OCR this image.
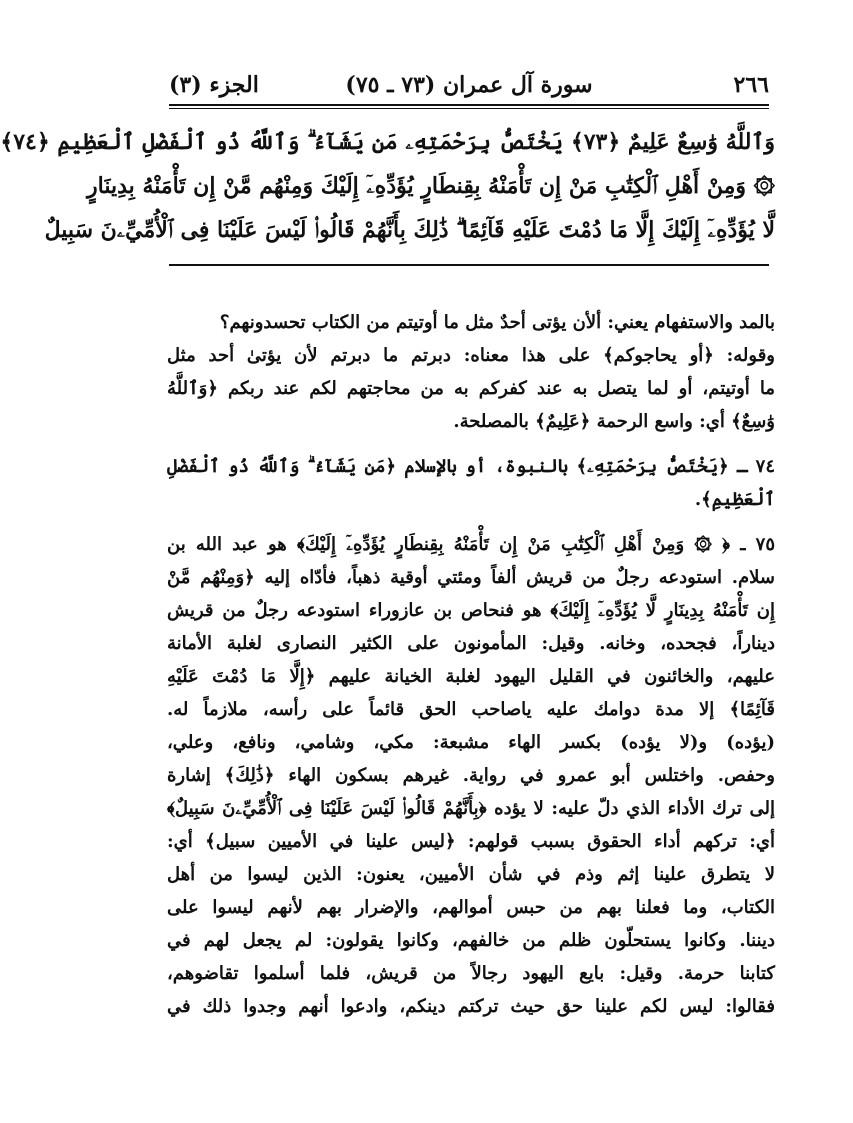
٢٦٦
سورة آل عمران (٧٣ ـ ٧٥)
الجزء (٣)
وَٱللَّهُ وَٰسِعٌ عَلِيمٌ ﴿٧٣﴾ يَخْتَصُّ بِرَحْمَتِهِۦ مَن يَشَآءُ ۗ وَٱللَّهُ ذُو ٱلْفَضْلِ ٱلْعَظِيمِ ﴿٧٤﴾
۞ وَمِنْ أَهْلِ ٱلْكِتَٰبِ مَنْ إِن تَأْمَنْهُ بِقِنطَارٍ يُؤَدِّهِۦٓ إِلَيْكَ وَمِنْهُم مَّنْ إِن تَأْمَنْهُ بِدِينَارٍ
لَّا يُؤَدِّهِۦٓ إِلَيْكَ إِلَّا مَا دُمْتَ عَلَيْهِ قَآئِمًا ۗ ذَٰلِكَ بِأَنَّهُمْ قَالُوا۟ لَيْسَ عَلَيْنَا فِى ٱلْأُمِّيِّۦنَ سَبِيلٌ
بالمد والاستفهام يعني: ألأن يؤتى أحدٌ مثل ما أوتيتم من الكتاب تحسدونهم؟
وقوله: ﴿أو يحاجوكم﴾ على هذا معناه: دبرتم ما دبرتم لأن يؤتىٰ أحد مثل
ما أوتيتم، أو لما يتصل به عند كفركم به من محاجتهم لكم عند ربكم ﴿وَٱللَّهُ
وَٰسِعٌ﴾ أي: واسع الرحمة ﴿عَلِيمٌ﴾ بالمصلحة.
٧٤ ـ ﴿يَخْتَصُّ بِرَحْمَتِهِۦ﴾ بالنبوة، أو بالإسلام ﴿مَن يَشَآءُ ۗ وَٱللَّهُ ذُو ٱلْفَضْلِ
ٱلْعَظِيمِ﴾.
٧٥ ـ ﴿ ۞ وَمِنْ أَهْلِ ٱلْكِتَٰبِ مَنْ إِن تَأْمَنْهُ بِقِنطَارٍ يُؤَدِّهِۦٓ إِلَيْكَ﴾ هو عبد الله بن
سلام. استودعه رجلٌ من قريش ألفاً ومئتي أوقية ذهباً، فأدّاه إليه ﴿وَمِنْهُم مَّنْ
إِن تَأْمَنْهُ بِدِينَارٍ لَّا يُؤَدِّهِۦٓ إِلَيْكَ﴾ هو فنحاص بن عازوراء استودعه رجلٌ من قريش
ديناراً، فجحده، وخانه. وقيل: المأمونون على الكثير النصارى لغلبة الأمانة
عليهم، والخائنون في القليل اليهود لغلبة الخيانة عليهم ﴿إِلَّا مَا دُمْتَ عَلَيْهِ
قَآئِمًا﴾ إلا مدة دوامك عليه ياصاحب الحق قائماً على رأسه، ملازماً له.
(يؤده) و(لا يؤده) بكسر الهاء مشبعة: مكي، وشامي، ونافع، وعلي،
وحفص. واختلس أبو عمرو في رواية. غيرهم بسكون الهاء ﴿ذَٰلِكَ﴾ إشارة
إلى ترك الأداء الذي دلّ عليه: لا يؤده ﴿بِأَنَّهُمْ قَالُوا۟ لَيْسَ عَلَيْنَا فِى ٱلْأُمِّيِّۦنَ سَبِيلٌ﴾
أي: تركهم أداء الحقوق بسبب قولهم: ﴿ليس علينا في الأميين سبيل﴾ أي:
لا يتطرق علينا إثم وذم في شأن الأميين، يعنون: الذين ليسوا من أهل
الكتاب، وما فعلنا بهم من حبس أموالهم، والإضرار بهم لأنهم ليسوا على
ديننا. وكانوا يستحلّون ظلم من خالفهم، وكانوا يقولون: لم يجعل لهم في
كتابنا حرمة. وقيل: بايع اليهود رجالاً من قريش، فلما أسلموا تقاضوهم،
فقالوا: ليس لكم علينا حق حيث تركتم دينكم، وادعوا أنهم وجدوا ذلك في
